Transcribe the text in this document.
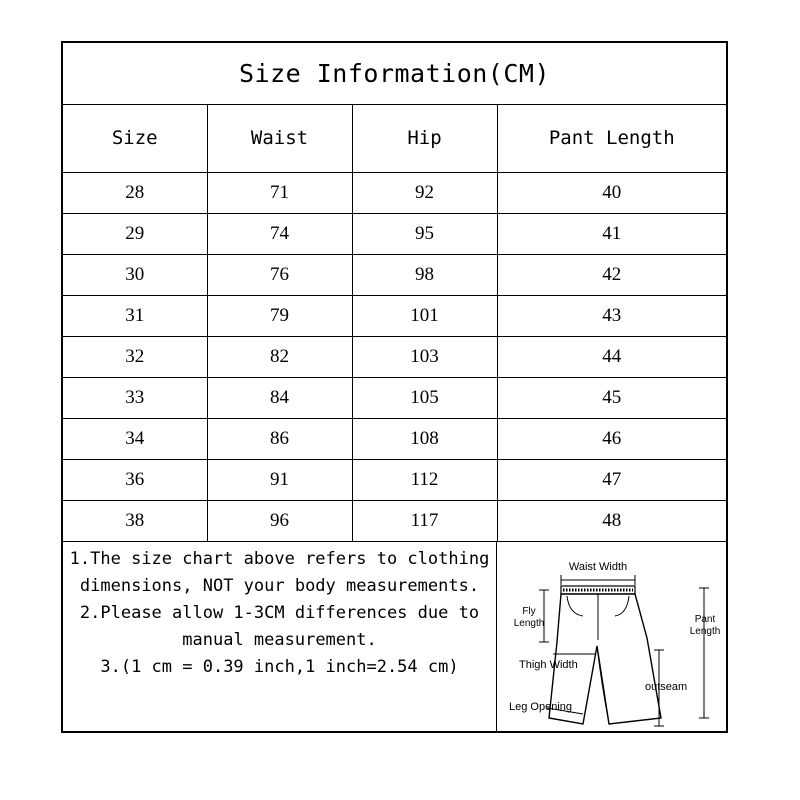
Size Information(CM)
Size	Waist	Hip	Pant Length
28	71	92	40
29	74	95	41
30	76	98	42
31	79	101	43
32	82	103	44
33	84	105	45
34	86	108	46
36	91	112	47
38	96	117	48
1.The size chart above refers to clothing dimensions, NOT your body measurements.
2.Please allow 1-3CM differences due to manual measurement.
3.(1 cm = 0.39 inch,1 inch=2.54 cm)
Waist Width
Fly Length	Pant Length
Thigh Width
outseam
Leg Opening
